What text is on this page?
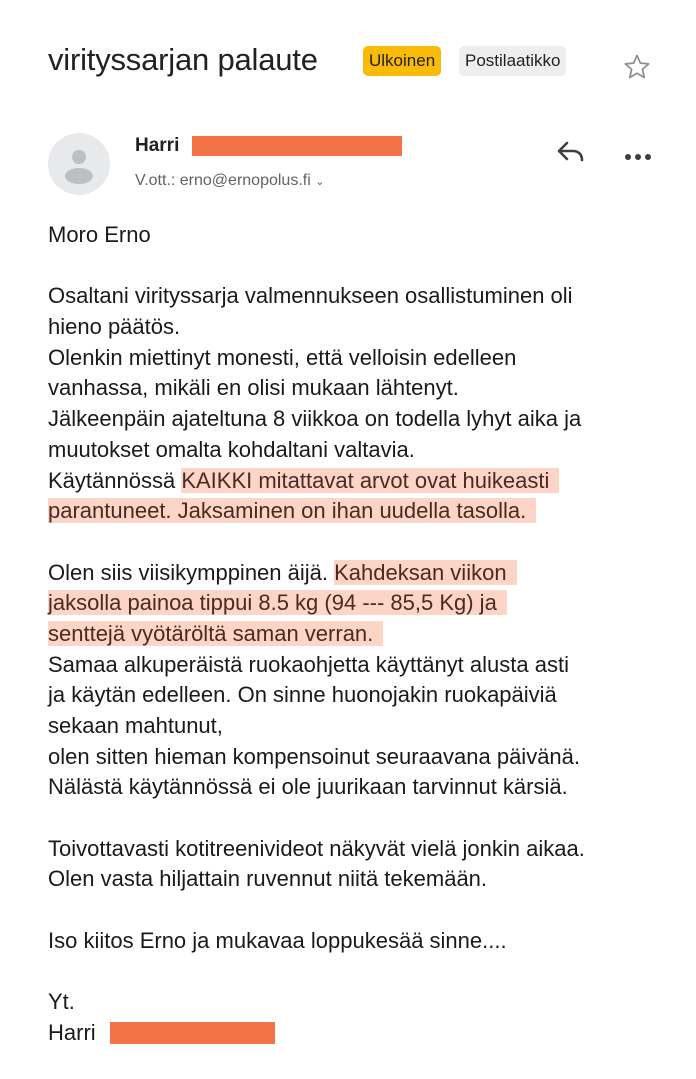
virityssarjan palaute	Ulkoinen	Postilaatikko
Harri
V.ott.: erno@ernopolus.fi ⌄
Moro Erno
Osaltani virityssarja valmennukseen osallistuminen oli
hieno päätös.
Olenkin miettinyt monesti, että velloisin edelleen
vanhassa, mikäli en olisi mukaan lähtenyt.
Jälkeenpäin ajateltuna 8 viikkoa on todella lyhyt aika ja
muutokset omalta kohdaltani valtavia.
Käytännössä KAIKKI mitattavat arvot ovat huikeasti
parantuneet. Jaksaminen on ihan uudella tasolla.
Olen siis viisikymppinen äijä. Kahdeksan viikon
jaksolla painoa tippui 8.5 kg (94 --- 85,5 Kg) ja
senttejä vyötäröltä saman verran.
Samaa alkuperäistä ruokaohjetta käyttänyt alusta asti
ja käytän edelleen. On sinne huonojakin ruokapäiviä
sekaan mahtunut,
olen sitten hieman kompensoinut seuraavana päivänä.
Nälästä käytännössä ei ole juurikaan tarvinnut kärsiä.
Toivottavasti kotitreenivideot näkyvät vielä jonkin aikaa.
Olen vasta hiljattain ruvennut niitä tekemään.
Iso kiitos Erno ja mukavaa loppukesää sinne....
Yt.
Harri
